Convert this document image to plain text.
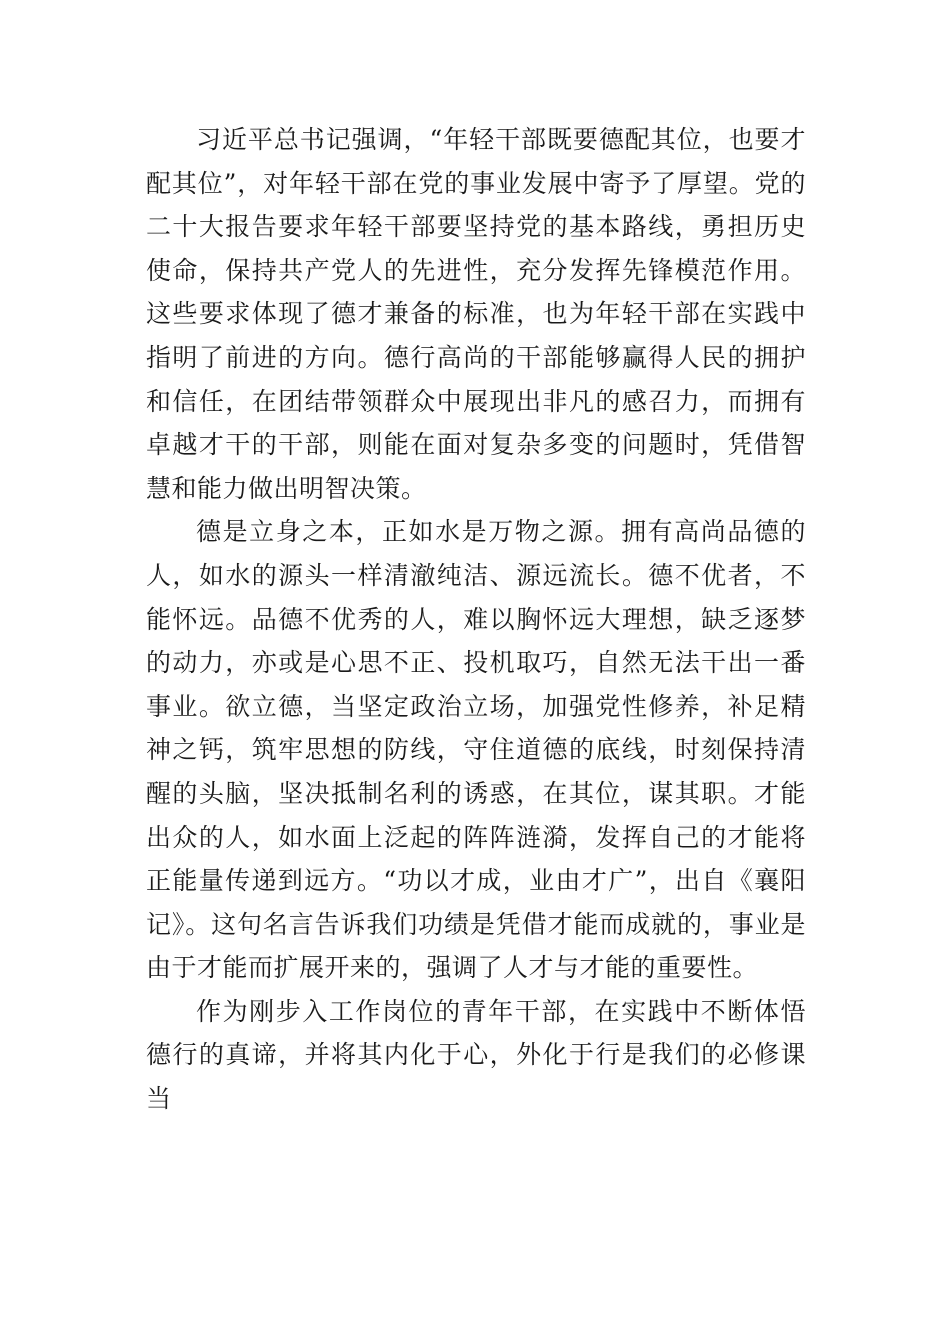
习近平总书记强调，“年轻干部既要德配其位，也要才配其位”，对年轻干部在党的事业发展中寄予了厚望。党的二十大报告要求年轻干部要坚持党的基本路线，勇担历史使命，保持共产党人的先进性，充分发挥先锋模范作用。这些要求体现了德才兼备的标准，也为年轻干部在实践中指明了前进的方向。德行高尚的干部能够赢得人民的拥护和信任，在团结带领群众中展现出非凡的感召力，而拥有卓越才干的干部，则能在面对复杂多变的问题时，凭借智慧和能力做出明智决策。

德是立身之本，正如水是万物之源。拥有高尚品德的人，如水的源头一样清澈纯洁、源远流长。德不优者，不能怀远。品德不优秀的人，难以胸怀远大理想，缺乏逐梦的动力，亦或是心思不正、投机取巧，自然无法干出一番事业。欲立德，当坚定政治立场，加强党性修养，补足精神之钙，筑牢思想的防线，守住道德的底线，时刻保持清醒的头脑，坚决抵制名利的诱惑，在其位，谋其职。才能出众的人，如水面上泛起的阵阵涟漪，发挥自己的才能将正能量传递到远方。“功以才成，业由才广”，出自《襄阳记》。这句名言告诉我们功绩是凭借才能而成就的，事业是由于才能而扩展开来的，强调了人才与才能的重要性。

作为刚步入工作岗位的青年干部，在实践中不断体悟德行的真谛，并将其内化于心，外化于行是我们的必修课当
